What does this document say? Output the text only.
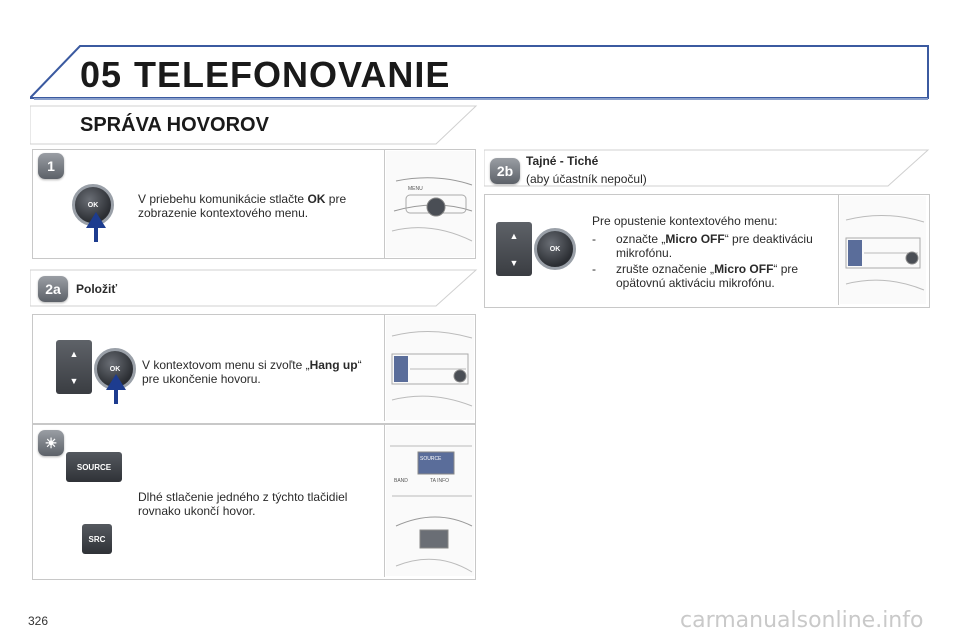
05 TELEFONOVANIE
SPRÁVA HOVOROV
1
OK	V priebehu komunikácie stlačte OK pre zobrazenie kontextového menu.
MENU
2a	Položiť
▲
▼
OK	V kontextovom menu si zvoľte „Hang up“ pre ukončenie hovoru.
☀
SOURCE
SRC
Dlhé stlačenie jedného z týchto tlačidiel rovnako ukončí hovor.
SOURCE
BAND	TA INFO
2b
Tajné - Tiché
(aby účastník nepočul)
▲
▼
OK
Pre opustenie kontextového menu:
- označte „Micro OFF“ pre deaktiváciu mikrofónu.
- zrušte označenie „Micro OFF“ pre opätovnú aktiváciu mikrofónu.
326	carmanualsonline.info
